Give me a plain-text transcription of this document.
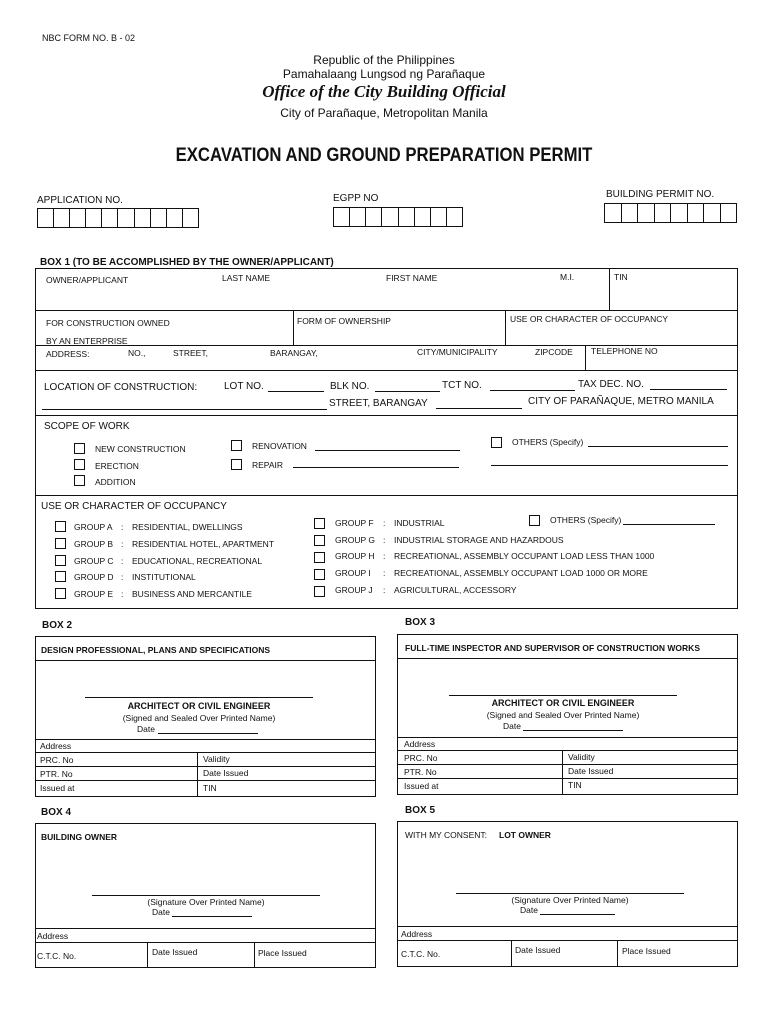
NBC FORM NO. B - 02
Republic of the Philippines
Pamahalaang Lungsod ng Parañaque
Office of the City Building Official
City of Parañaque, Metropolitan Manila
EXCAVATION AND GROUND PREPARATION PERMIT
APPLICATION NO.	EGPP NO	BUILDING PERMIT NO.
BOX 1 (TO BE ACCOMPLISHED BY THE OWNER/APPLICANT)
OWNER/APPLICANT	LAST NAME	FIRST NAME	M.I.	TIN
FOR CONSTRUCTION OWNED
BY AN ENTERPRISE
FORM OF OWNERSHIP	USE OR CHARACTER OF OCCUPANCY
ADDRESS:	NO.,	STREET,	BARANGAY,	CITY/MUNICIPALITY	ZIPCODE TELEPHONE NO
LOCATION OF CONSTRUCTION:	LOT NO.	BLK NO.	TCT NO.	TAX DEC. NO.
STREET, BARANGAY	CITY OF PARAÑAQUE, METRO MANILA
SCOPE OF WORK
NEW CONSTRUCTION
ERECTION
ADDITION
RENOVATION
REPAIR
OTHERS (Specify)
USE OR CHARACTER OF OCCUPANCY
GROUP A : RESIDENTIAL, DWELLINGS
GROUP B : RESIDENTIAL HOTEL, APARTMENT
GROUP C : EDUCATIONAL, RECREATIONAL
GROUP D : INSTITUTIONAL
GROUP E : BUSINESS AND MERCANTILE
GROUP F : INDUSTRIAL
GROUP G : INDUSTRIAL STORAGE AND HAZARDOUS
GROUP H : RECREATIONAL, ASSEMBLY OCCUPANT LOAD LESS THAN 1000
GROUP I : RECREATIONAL, ASSEMBLY OCCUPANT LOAD 1000 OR MORE
GROUP J : AGRICULTURAL, ACCESSORY
OTHERS (Specify)
BOX 2
DESIGN PROFESSIONAL, PLANS AND SPECIFICATIONS
ARCHITECT OR CIVIL ENGINEER
(Signed and Sealed Over Printed Name)
Date
Address
PRC. No	Validity
PTR. No	Date Issued
Issued at	TIN
BOX 3
FULL-TIME INSPECTOR AND SUPERVISOR OF CONSTRUCTION WORKS
ARCHITECT OR CIVIL ENGINEER
(Signed and Sealed Over Printed Name)
Date
Address
PRC. No	Validity
PTR. No	Date Issued
Issued at	TIN
BOX 4
BUILDING OWNER
(Signature Over Printed Name)
Date
Address
C.T.C. No.	Date Issued	Place Issued
BOX 5
WITH MY CONSENT: LOT OWNER
(Signature Over Printed Name)
Date
Address
C.T.C. No.	Date Issued	Place Issued
